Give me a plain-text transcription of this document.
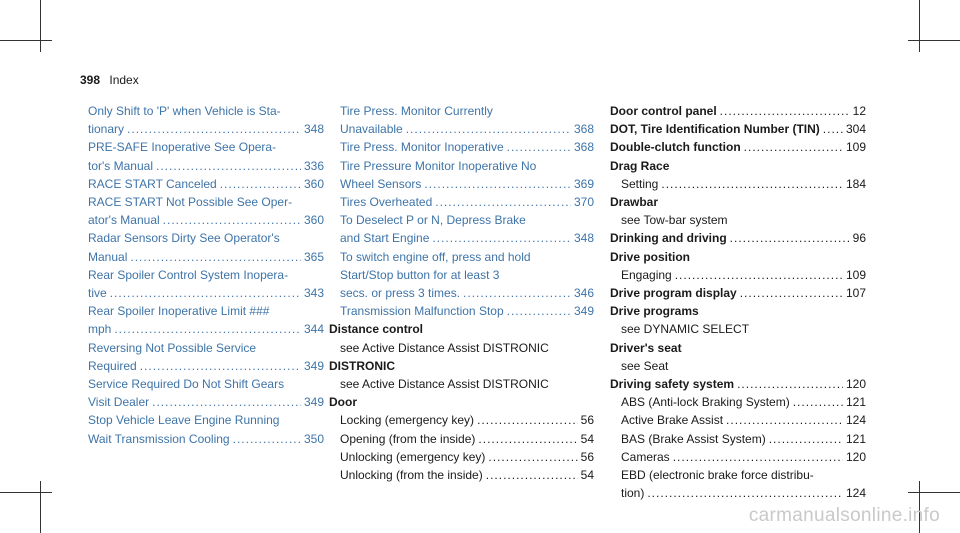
398 Index
Only Shift to 'P' when Vehicle is Sta-
tionary .....	348
PRE-SAFE Inoperative See Opera-
tor's Manual .....	336
RACE START Canceled .....	360
RACE START Not Possible See Oper-
ator's Manual .....	360
Radar Sensors Dirty See Operator's
Manual .....	365
Rear Spoiler Control System Inopera-
tive .....	343
Rear Spoiler Inoperative Limit ###
mph .....	344
Reversing Not Possible Service
Required .....	349
Service Required Do Not Shift Gears
Visit Dealer .....	349
Stop Vehicle Leave Engine Running
Wait Transmission Cooling .....	350
Tire Press. Monitor Currently
Unavailable .....	368
Tire Press. Monitor Inoperative .....	368
Tire Pressure Monitor Inoperative No
Wheel Sensors .....	369
Tires Overheated .....	370
To Deselect P or N, Depress Brake
and Start Engine .....	348
To switch engine off, press and hold
Start/Stop button for at least 3
secs. or press 3 times. .....	346
Transmission Malfunction Stop .....	349
Distance control
see Active Distance Assist DISTRONIC
DISTRONIC
see Active Distance Assist DISTRONIC
Door
Locking (emergency key) .....	56
Opening (from the inside) .....	54
Unlocking (emergency key) .....	56
Unlocking (from the inside) .....	54
Door control panel .....	12
DOT, Tire Identification Number (TIN) ..... 304
Double-clutch function .....	109
Drag Race
Setting .....	184
Drawbar
see Tow-bar system
Drinking and driving .....	96
Drive position
Engaging .....	109
Drive program display .....	107
Drive programs
see DYNAMIC SELECT
Driver's seat
see Seat
Driving safety system .....	120
ABS (Anti-lock Braking System) .....	121
Active Brake Assist .....	124
BAS (Brake Assist System) .....	121
Cameras .....	120
EBD (electronic brake force distribu-
tion) .....	124
carmanualsonline.info
